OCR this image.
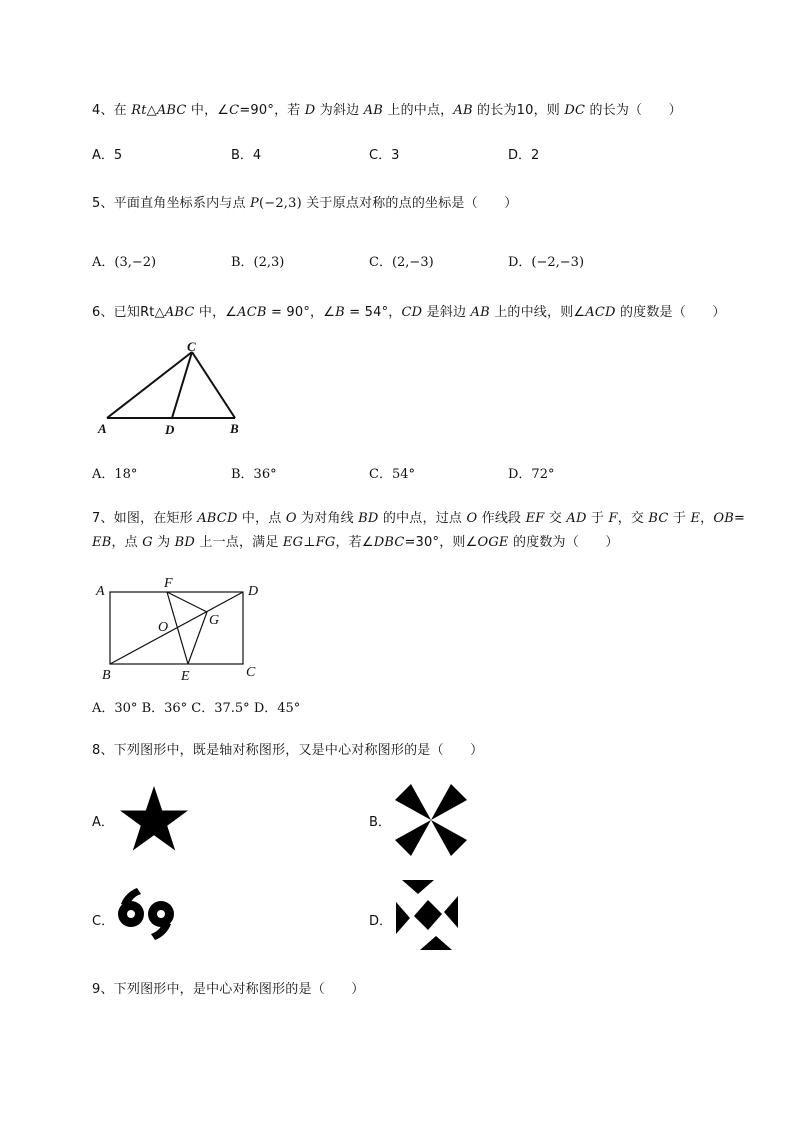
4、在 Rt△ABC 中，∠C=90°，若 D 为斜边 AB 上的中点，AB 的长为10，则 DC 的长为（　　）
A．5	B．4	C．3	D．2
5、平面直角坐标系内与点 P(−2,3) 关于原点对称的点的坐标是（　　）
A．(3,−2)	B．(2,3)	C．(2,−3)	D．(−2,−3)
6、已知Rt△ABC 中，∠ACB = 90°，∠B = 54°，CD 是斜边 AB 上的中线，则∠ACD 的度数是（　　）
C
A	D	B
A．18°	B．36°	C．54°	D．72°
7、如图，在矩形 ABCD 中，点 O 为对角线 BD 的中点，过点 O 作线段 EF 交 AD 于 F，交 BC 于 E，OB=
EB，点 G 为 BD 上一点，满足 EG⊥FG，若∠DBC=30°，则∠OGE 的度数为（　　）
A	D
F
G
O
B	E	C
A．30° B．36° C．37.5° D．45°
8、下列图形中，既是轴对称图形，又是中心对称图形的是（　　）
A．	B．
C．	D．
9、下列图形中，是中心对称图形的是（　　）
